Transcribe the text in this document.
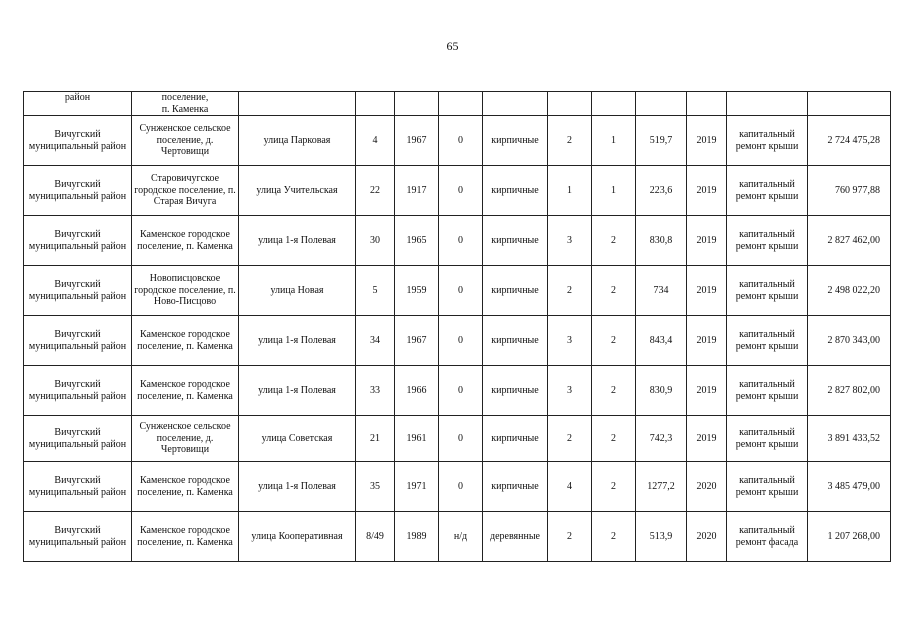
65
район	поселение,
п. Каменка											
Вичугский муниципальный район	Сунженское сельское поселение, д. Чертовищи	улица Парковая	4	1967	0	кирпичные	2	1	519,7	2019	капитальный ремонт крыши	2 724 475,28
Вичугский муниципальный район	Старовичугское городское поселение, п. Старая Вичуга	улица Учительская	22	1917	0	кирпичные	1	1	223,6	2019	капитальный ремонт крыши	760 977,88
Вичугский муниципальный район	Каменское городское поселение, п. Каменка	улица 1-я Полевая	30	1965	0	кирпичные	3	2	830,8	2019	капитальный ремонт крыши	2 827 462,00
Вичугский муниципальный район	Новописцовское городское поселение, п. Ново-Писцово	улица Новая	5	1959	0	кирпичные	2	2	734	2019	капитальный ремонт крыши	2 498 022,20
Вичугский муниципальный район	Каменское городское поселение, п. Каменка	улица 1-я Полевая	34	1967	0	кирпичные	3	2	843,4	2019	капитальный ремонт крыши	2 870 343,00
Вичугский муниципальный район	Каменское городское поселение, п. Каменка	улица 1-я Полевая	33	1966	0	кирпичные	3	2	830,9	2019	капитальный ремонт крыши	2 827 802,00
Вичугский муниципальный район	Сунженское сельское поселение, д. Чертовищи	улица Советская	21	1961	0	кирпичные	2	2	742,3	2019	капитальный ремонт крыши	3 891 433,52
Вичугский муниципальный район	Каменское городское поселение, п. Каменка	улица 1-я Полевая	35	1971	0	кирпичные	4	2	1277,2	2020	капитальный ремонт крыши	3 485 479,00
Вичугский муниципальный район	Каменское городское поселение, п. Каменка	улица Кооперативная	8/49	1989	н/д	деревянные	2	2	513,9	2020	капитальный ремонт фасада	1 207 268,00
